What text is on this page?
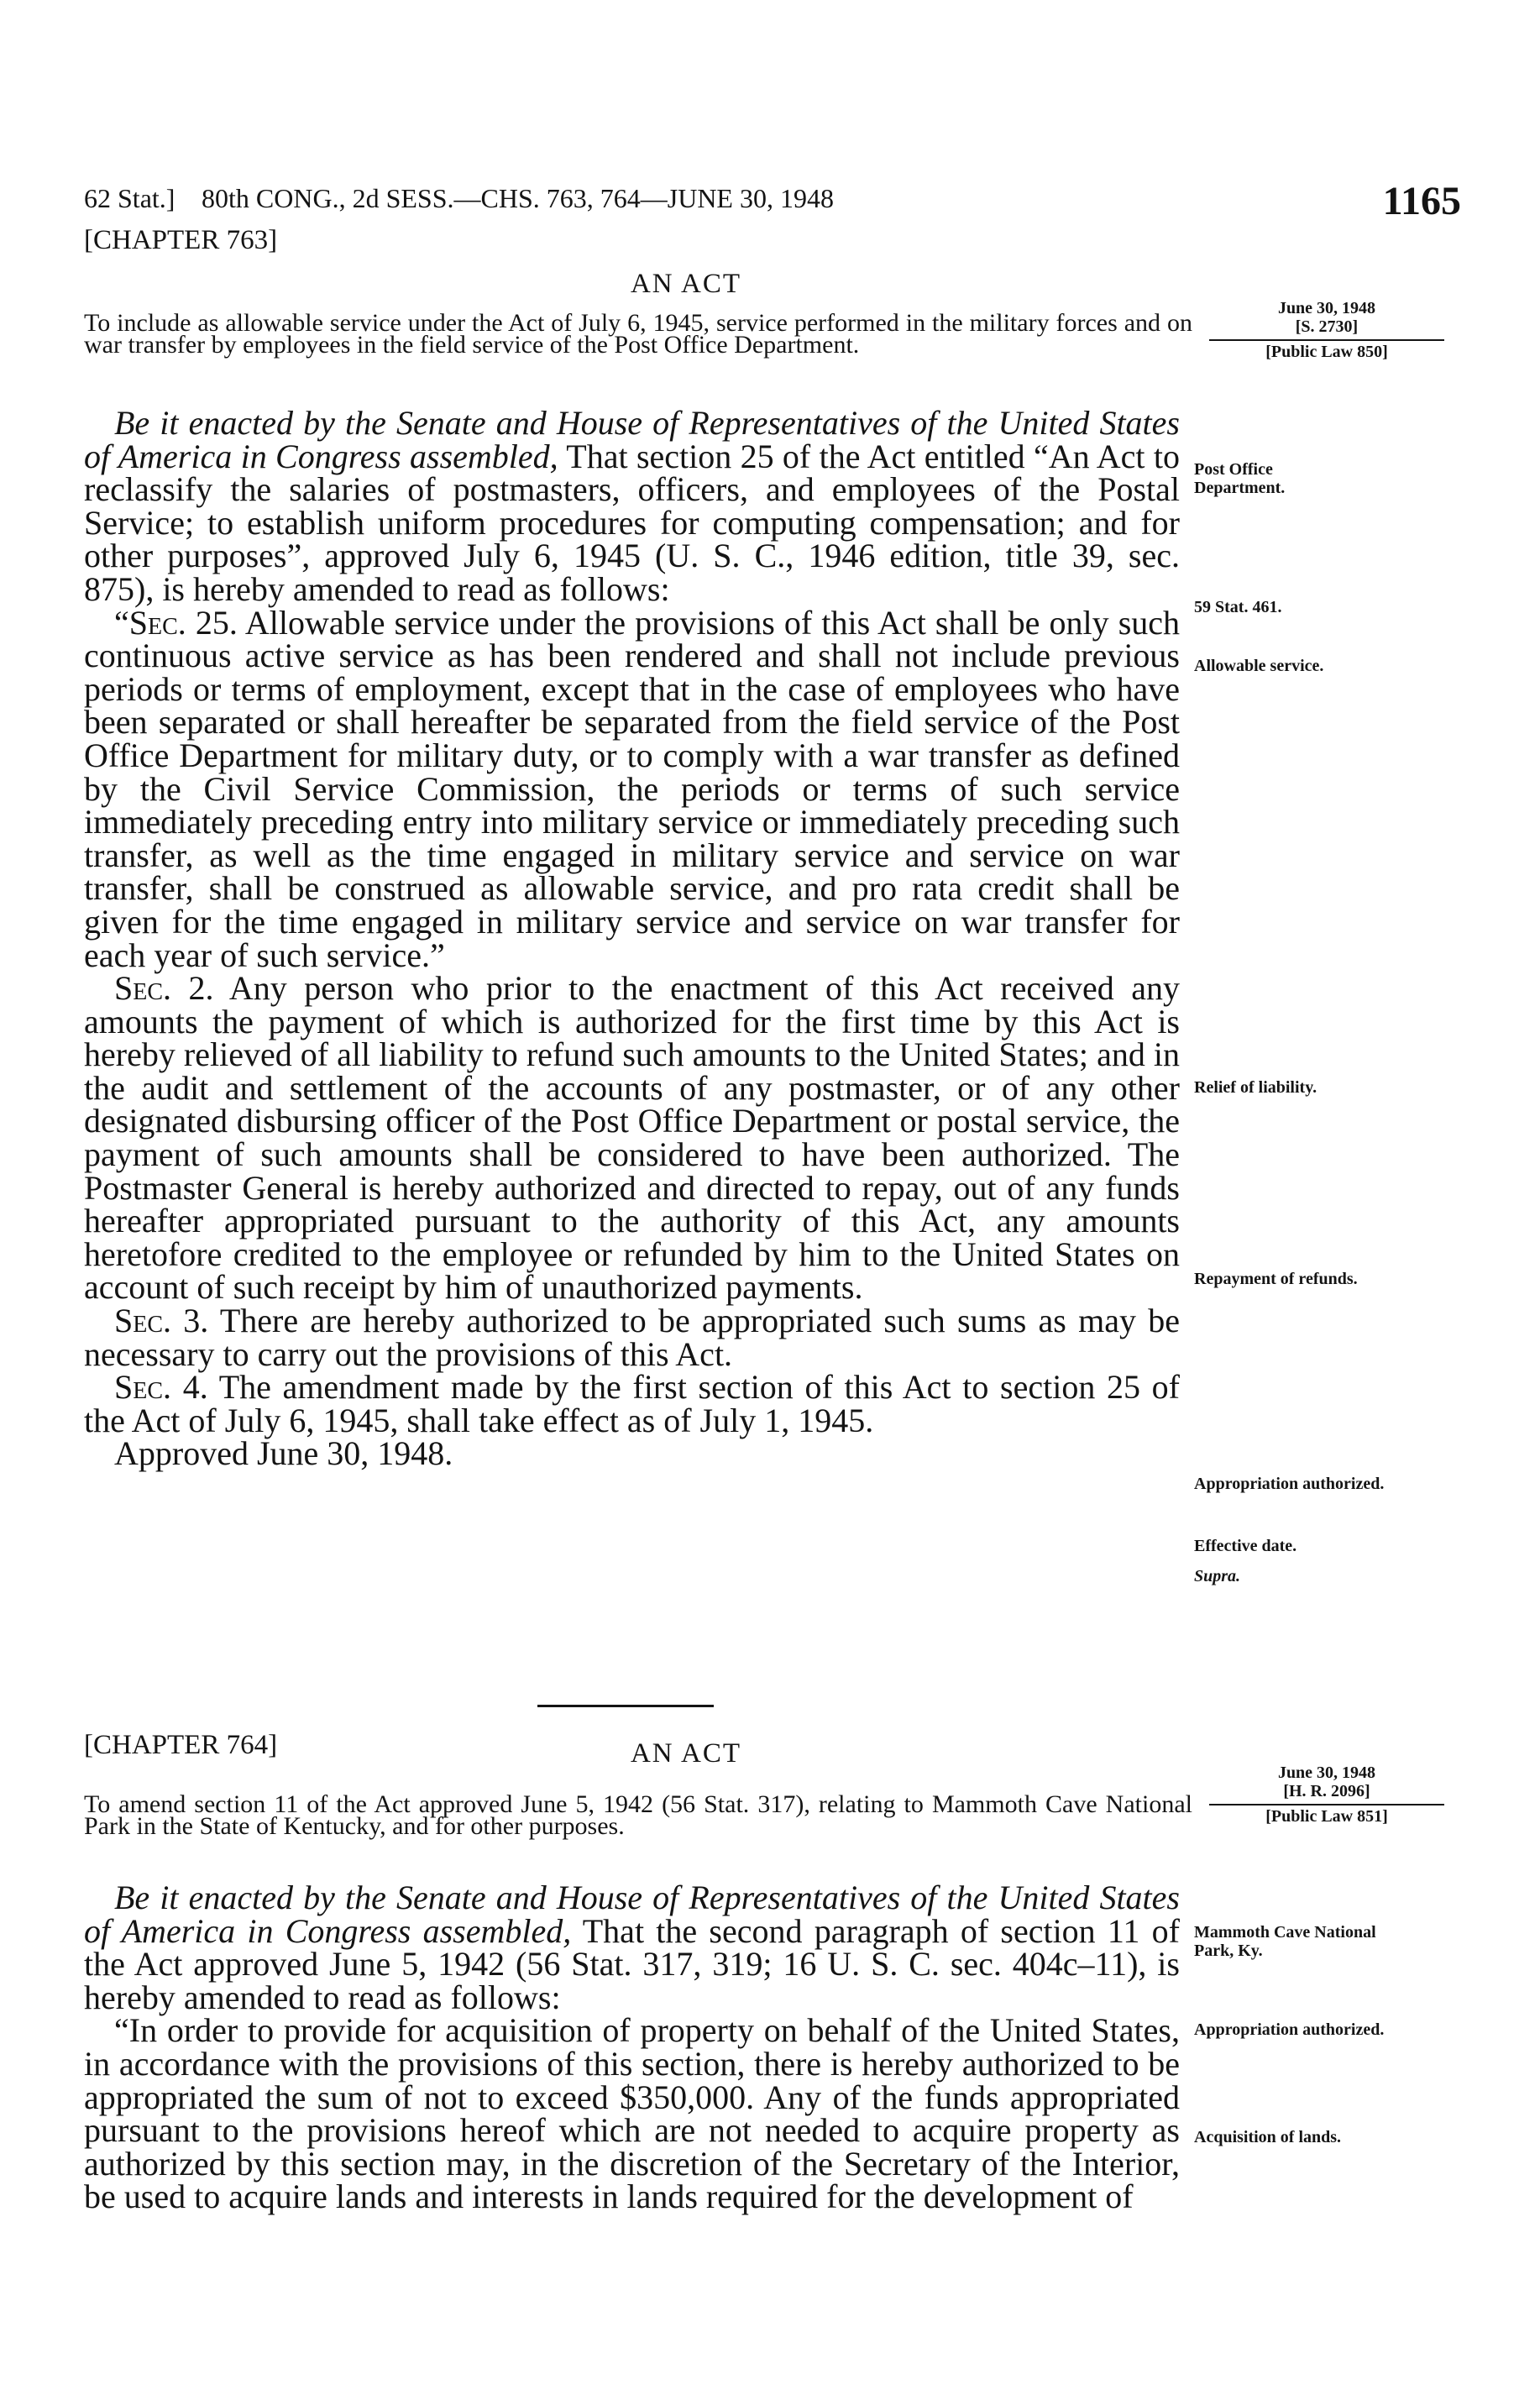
62 Stat.] 80th CONG., 2d SESS.—CHS. 763, 764—JUNE 30, 1948	1165
[CHAPTER 763]
AN ACT
To include as allowable service under the Act of July 6, 1945, service performed in the military forces and on war transfer by employees in the field service of the Post Office Department.
June 30, 1948
[S. 2730]
[Public Law 850]

Be it enacted by the Senate and House of Representatives of the United States of America in Congress assembled, That section 25 of the Act entitled “An Act to reclassify the salaries of postmasters, officers, and employees of the Postal Service; to establish uniform procedures for computing compensation; and for other purposes”, approved July 6, 1945 (U. S. C., 1946 edition, title 39, sec. 875), is hereby amended to read as follows:

“Sec. 25. Allowable service under the provisions of this Act shall be only such continuous active service as has been rendered and shall not include previous periods or terms of employment, except that in the case of employees who have been separated or shall hereafter be separated from the field service of the Post Office Department for military duty, or to comply with a war transfer as defined by the Civil Service Commission, the periods or terms of such service immediately preceding entry into military service or immediately preceding such transfer, as well as the time engaged in military service and service on war transfer, shall be construed as allowable service, and pro rata credit shall be given for the time engaged in military service and service on war transfer for each year of such service.”

Sec. 2. Any person who prior to the enactment of this Act received any amounts the payment of which is authorized for the first time by this Act is hereby relieved of all liability to refund such amounts to the United States; and in the audit and settlement of the accounts of any postmaster, or of any other designated disbursing officer of the Post Office Department or postal service, the payment of such amounts shall be considered to have been authorized. The Postmaster General is hereby authorized and directed to repay, out of any funds hereafter appropriated pursuant to the authority of this Act, any amounts heretofore credited to the employee or refunded by him to the United States on account of such receipt by him of unauthorized payments.

Sec. 3. There are hereby authorized to be appropriated such sums as may be necessary to carry out the provisions of this Act.

Sec. 4. The amendment made by the first section of this Act to section 25 of the Act of July 6, 1945, shall take effect as of July 1, 1945.

Approved June 30, 1948.

Post Office Department.
59 Stat. 461.
Allowable service.
Relief of liability.
Repayment of refunds.
Appropriation authorized.
Effective date.
Supra.
[CHAPTER 764]	AN ACT
To amend section 11 of the Act approved June 5, 1942 (56 Stat. 317), relating to Mammoth Cave National Park in the State of Kentucky, and for other purposes.
June 30, 1948
[H. R. 2096]
[Public Law 851]

Be it enacted by the Senate and House of Representatives of the United States of America in Congress assembled, That the second paragraph of section 11 of the Act approved June 5, 1942 (56 Stat. 317, 319; 16 U. S. C. sec. 404c–11), is hereby amended to read as follows:

“In order to provide for acquisition of property on behalf of the United States, in accordance with the provisions of this section, there is hereby authorized to be appropriated the sum of not to exceed $350,000. Any of the funds appropriated pursuant to the provisions hereof which are not needed to acquire property as authorized by this section may, in the discretion of the Secretary of the Interior, be used to acquire lands and interests in lands required for the development of

Mammoth Cave National Park, Ky.
Appropriation authorized.
Acquisition of lands.
